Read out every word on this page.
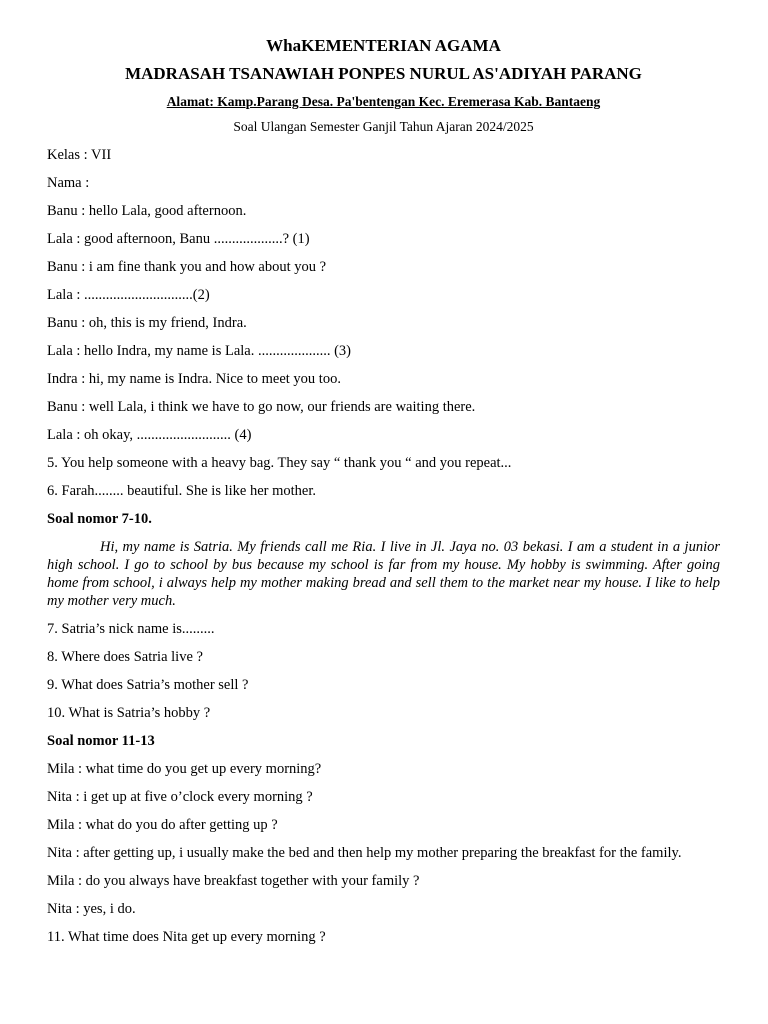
WhaKEMENTERIAN AGAMA

MADRASAH TSANAWIAH PONPES NURUL AS'ADIYAH PARANG

Alamat: Kamp.Parang Desa. Pa'bentengan Kec. Eremerasa Kab. Bantaeng
Soal Ulangan Semester Ganjil Tahun Ajaran 2024/2025

Kelas : VII

Nama :

Banu : hello Lala, good afternoon.

Lala : good afternoon, Banu ...................? (1)

Banu : i am fine thank you and how about you ?

Lala : ..............................(2)

Banu : oh, this is my friend, Indra.

Lala : hello Indra, my name is Lala. .................... (3)

Indra : hi, my name is Indra. Nice to meet you too.

Banu : well Lala, i think we have to go now, our friends are waiting there.

Lala : oh okay, .......................... (4)

5. You help someone with a heavy bag. They say “ thank you “ and you repeat...

6. Farah........ beautiful. She is like her mother.

Soal nomor 7-10.

Hi, my name is Satria. My friends call me Ria. I live in Jl. Jaya no. 03 bekasi. I am a student in a junior high school. I go to school by bus because my school is far from my house. My hobby is swimming. After going home from school, i always help my mother making bread and sell them to the market near my house. I like to help my mother very much.

7. Satria’s nick name is.........

8. Where does Satria live ?

9. What does Satria’s mother sell ?

10. What is Satria’s hobby ?

Soal nomor 11-13

Mila : what time do you get up every morning?

Nita : i get up at five o’clock every morning ?

Mila : what do you do after getting up ?

Nita : after getting up, i usually make the bed and then help my mother preparing the breakfast for the family.

Mila : do you always have breakfast together with your family ?

Nita : yes, i do.

11. What time does Nita get up every morning ?
